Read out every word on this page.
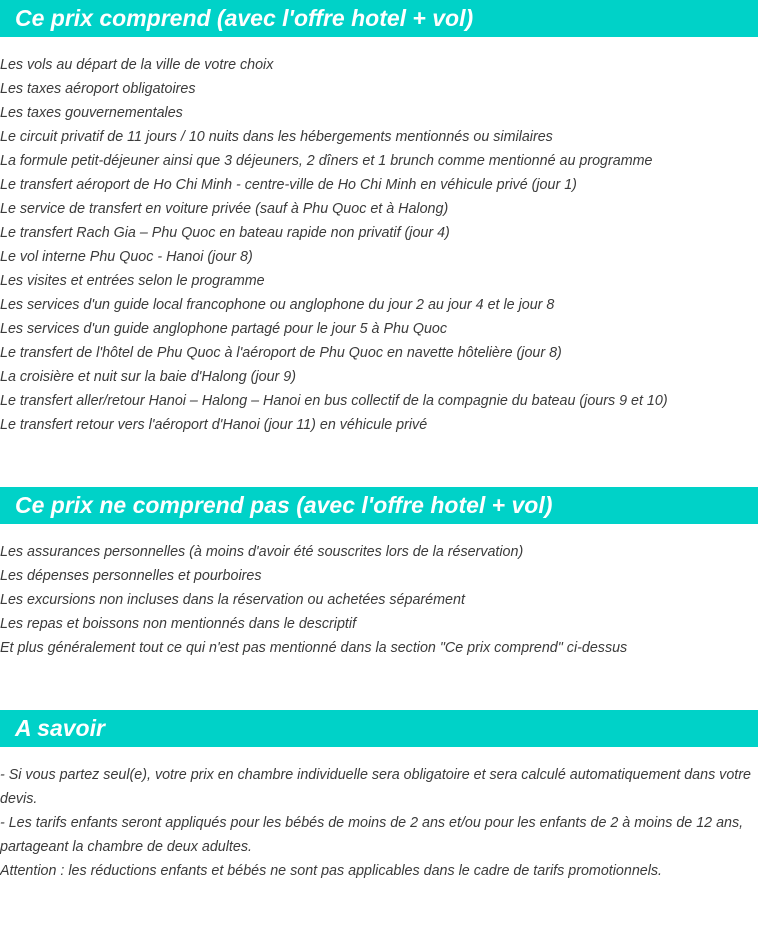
Ce prix comprend (avec l'offre hotel + vol)
Les vols au départ de la ville de votre choix
Les taxes aéroport obligatoires
Les taxes gouvernementales
Le circuit privatif de 11 jours / 10 nuits dans les hébergements mentionnés ou similaires
La formule petit-déjeuner ainsi que 3 déjeuners, 2 dîners et 1 brunch comme mentionné au programme
Le transfert aéroport de Ho Chi Minh - centre-ville de Ho Chi Minh en véhicule privé (jour 1)
Le service de transfert en voiture privée (sauf à Phu Quoc et à Halong)
Le transfert Rach Gia – Phu Quoc en bateau rapide non privatif (jour 4)
Le vol interne Phu Quoc - Hanoi (jour 8)
Les visites et entrées selon le programme
Les services d'un guide local francophone ou anglophone du jour 2 au jour 4 et le jour 8
Les services d'un guide anglophone partagé pour le jour 5 à Phu Quoc
Le transfert de l'hôtel de Phu Quoc à l'aéroport de Phu Quoc en navette hôtelière (jour 8)
La croisière et nuit sur la baie d'Halong (jour 9)
Le transfert aller/retour Hanoi – Halong – Hanoi en bus collectif de la compagnie du bateau (jours 9 et 10)
Le transfert retour vers l'aéroport d'Hanoi (jour 11) en véhicule privé
Ce prix ne comprend pas (avec l'offre hotel + vol)
Les assurances personnelles (à moins d'avoir été souscrites lors de la réservation)
Les dépenses personnelles et pourboires
Les excursions non incluses dans la réservation ou achetées séparément
Les repas et boissons non mentionnés dans le descriptif
Et plus généralement tout ce qui n'est pas mentionné dans la section "Ce prix comprend" ci-dessus
A savoir

- Si vous partez seul(e), votre prix en chambre individuelle sera obligatoire et sera calculé automatiquement dans votre devis.

- Les tarifs enfants seront appliqués pour les bébés de moins de 2 ans et/ou pour les enfants de 2 à moins de 12 ans, partageant la chambre de deux adultes.

Attention : les réductions enfants et bébés ne sont pas applicables dans le cadre de tarifs promotionnels.
